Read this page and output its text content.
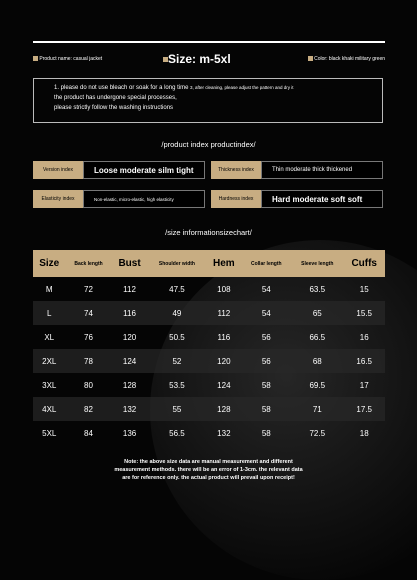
Product name: casual jacket	Size: m-5xl	Color: black khaki military green
1. please do not use bleach or soak for a long time 3, after cleaning, please adjust the pattern and dry it
the product has undergone special processes,
please strictly follow the washing instructions
/product index productindex/
Version index	Loose moderate silm tight	Thickness index	Thin moderate thick thickened
Elasticity index	Non-elastic, micro-elastic, high elasticity	Hardness index	Hard moderate soft soft
/size informationsizechart/
Size	Back length	Bust	Shoulder width	Hem	Collar length	Sleeve length	Cuffs
M	72	112	47.5	108	54	63.5	15
L	74	116	49	112	54	65	15.5
XL	76	120	50.5	116	56	66.5	16
2XL	78	124	52	120	56	68	16.5
3XL	80	128	53.5	124	58	69.5	17
4XL	82	132	55	128	58	71	17.5
5XL	84	136	56.5	132	58	72.5	18
Note: the above size data are manual measurement and different
measurement methods. there will be an error of 1-3cm. the relevant data
are for reference only. the actual product will prevail upon receipt!
